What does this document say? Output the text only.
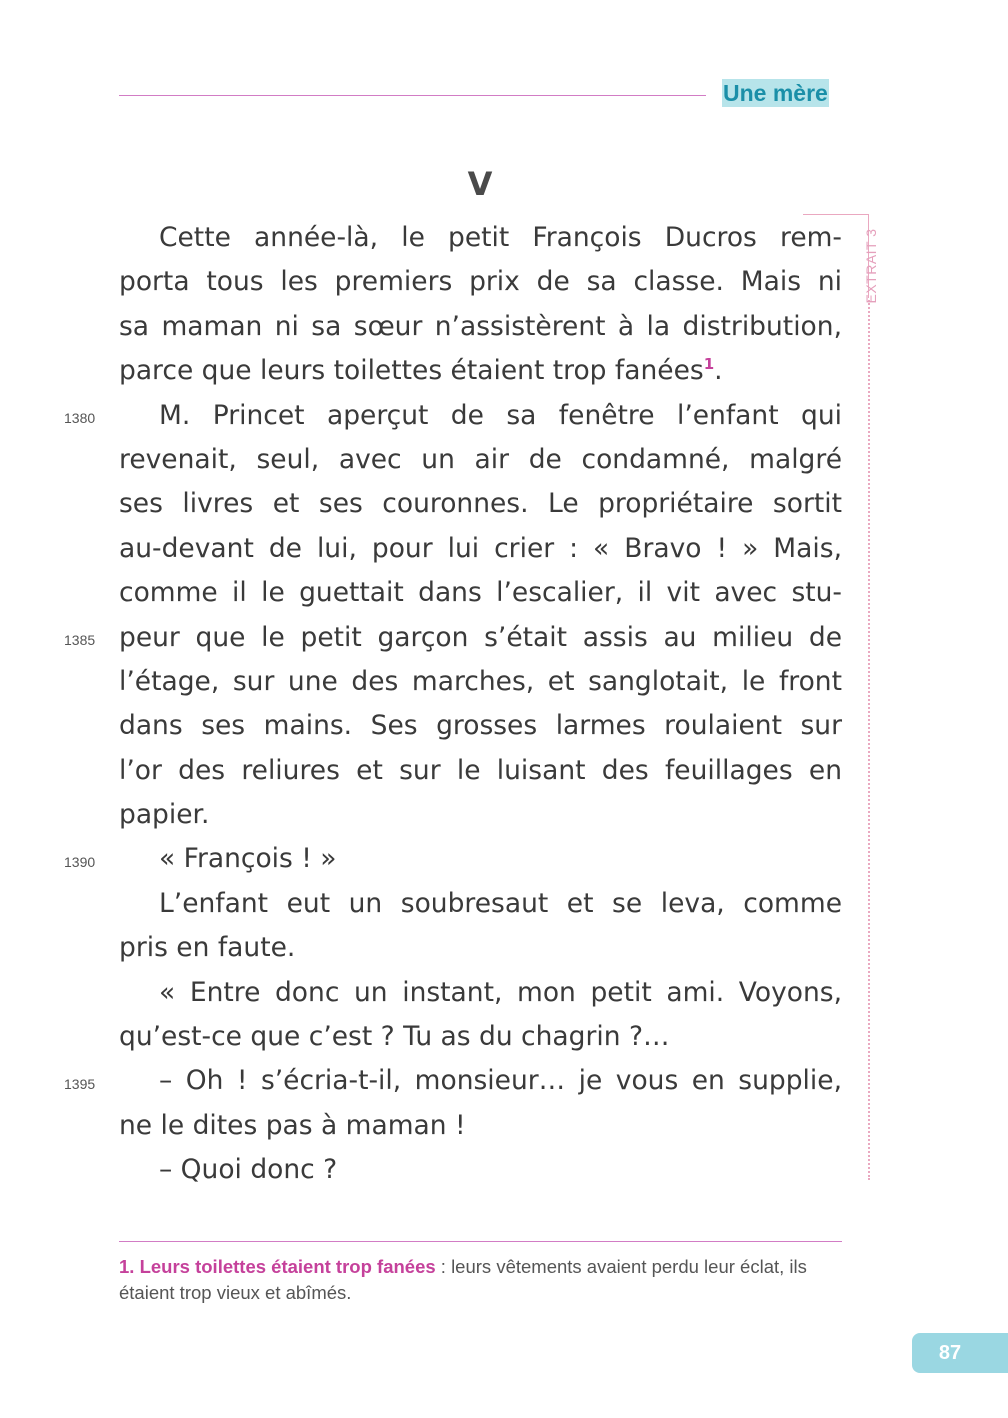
Une mère
V
EXTRAIT 3
Cette année-là, le petit François Ducros rem-
porta tous les premiers prix de sa classe. Mais ni
sa maman ni sa sœur n’assistèrent à la distribution,
parce que leurs toilettes étaient trop fanées$^1$.
M. Princet aperçut de sa fenêtre l’enfant qui
revenait, seul, avec un air de condamné, malgré
ses livres et ses couronnes. Le propriétaire sortit
au-devant de lui, pour lui crier : « Bravo ! » Mais,
comme il le guettait dans l’escalier, il vit avec stu-
peur que le petit garçon s’était assis au milieu de
l’étage, sur une des marches, et sanglotait, le front
dans ses mains. Ses grosses larmes roulaient sur
l’or des reliures et sur le luisant des feuillages en
papier.
« François ! »
L’enfant eut un soubresaut et se leva, comme
pris en faute.
« Entre donc un instant, mon petit ami. Voyons,
qu’est-ce que c’est ? Tu as du chagrin ?…
– Oh ! s’écria-t-il, monsieur… je vous en supplie,
ne le dites pas à maman !
– Quoi donc ?
1380
1385
1390
1395
1. Leurs toilettes étaient trop fanées : leurs vêtements avaient perdu leur éclat, ils étaient trop vieux et abîmés.
87
